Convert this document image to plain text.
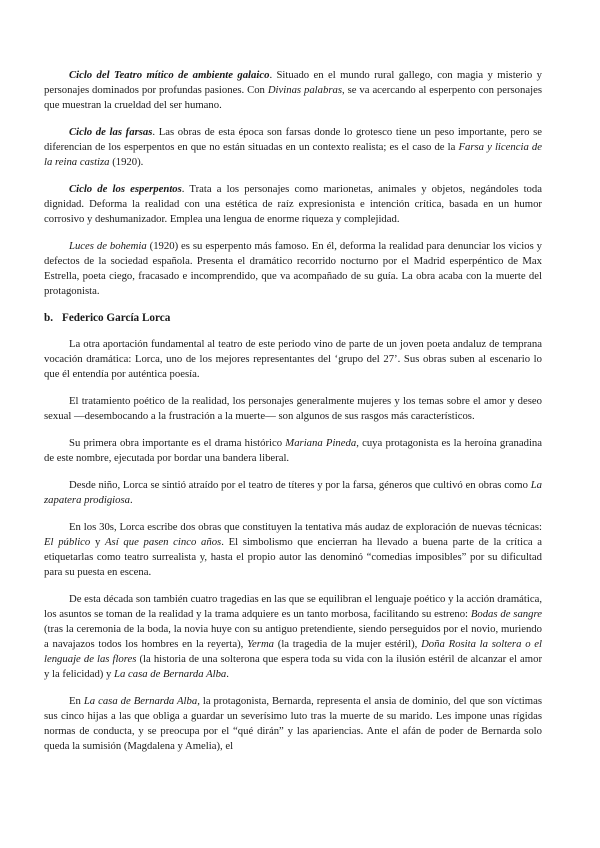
Ciclo del Teatro mítico de ambiente galaico. Situado en el mundo rural gallego, con magia y misterio y personajes dominados por profundas pasiones. Con Divinas palabras, se va acercando al esperpento con personajes que muestran la crueldad del ser humano.

Ciclo de las farsas. Las obras de esta época son farsas donde lo grotesco tiene un peso importante, pero se diferencian de los esperpentos en que no están situadas en un contexto realista; es el caso de la Farsa y licencia de la reina castiza (1920).

Ciclo de los esperpentos. Trata a los personajes como marionetas, animales y objetos, negándoles toda dignidad. Deforma la realidad con una estética de raíz expresionista e intención crítica, basada en un humor corrosivo y deshumanizador. Emplea una lengua de enorme riqueza y complejidad.

Luces de bohemia (1920) es su esperpento más famoso. En él, deforma la realidad para denunciar los vicios y defectos de la sociedad española. Presenta el dramático recorrido nocturno por el Madrid esperpéntico de Max Estrella, poeta ciego, fracasado e incomprendido, que va acompañado de su guía. La obra acaba con la muerte del protagonista.

b. Federico García Lorca

La otra aportación fundamental al teatro de este periodo vino de parte de un joven poeta andaluz de temprana vocación dramática: Lorca, uno de los mejores representantes del ‘grupo del 27’. Sus obras suben al escenario lo que él entendía por auténtica poesía.

El tratamiento poético de la realidad, los personajes generalmente mujeres y los temas sobre el amor y deseo sexual —desembocando a la frustración a la muerte— son algunos de sus rasgos más característicos.

Su primera obra importante es el drama histórico Mariana Pineda, cuya protagonista es la heroína granadina de este nombre, ejecutada por bordar una bandera liberal.

Desde niño, Lorca se sintió atraído por el teatro de títeres y por la farsa, géneros que cultivó en obras como La zapatera prodigiosa.

En los 30s, Lorca escribe dos obras que constituyen la tentativa más audaz de exploración de nuevas técnicas: El público y Así que pasen cinco años. El simbolismo que encierran ha llevado a buena parte de la crítica a etiquetarlas como teatro surrealista y, hasta el propio autor las denominó “comedias imposibles” por su dificultad para su puesta en escena.

De esta década son también cuatro tragedias en las que se equilibran el lenguaje poético y la acción dramática, los asuntos se toman de la realidad y la trama adquiere es un tanto morbosa, facilitando su estreno: Bodas de sangre (tras la ceremonia de la boda, la novia huye con su antiguo pretendiente, siendo perseguidos por el novio, muriendo a navajazos todos los hombres en la reyerta), Yerma (la tragedia de la mujer estéril), Doña Rosita la soltera o el lenguaje de las flores (la historia de una solterona que espera toda su vida con la ilusión estéril de alcanzar el amor y la felicidad) y La casa de Bernarda Alba.

En La casa de Bernarda Alba, la protagonista, Bernarda, representa el ansia de dominio, del que son víctimas sus cinco hijas a las que obliga a guardar un severísimo luto tras la muerte de su marido. Les impone unas rígidas normas de conducta, y se preocupa por el “qué dirán” y las apariencias. Ante el afán de poder de Bernarda solo queda la sumisión (Magdalena y Amelia), el
